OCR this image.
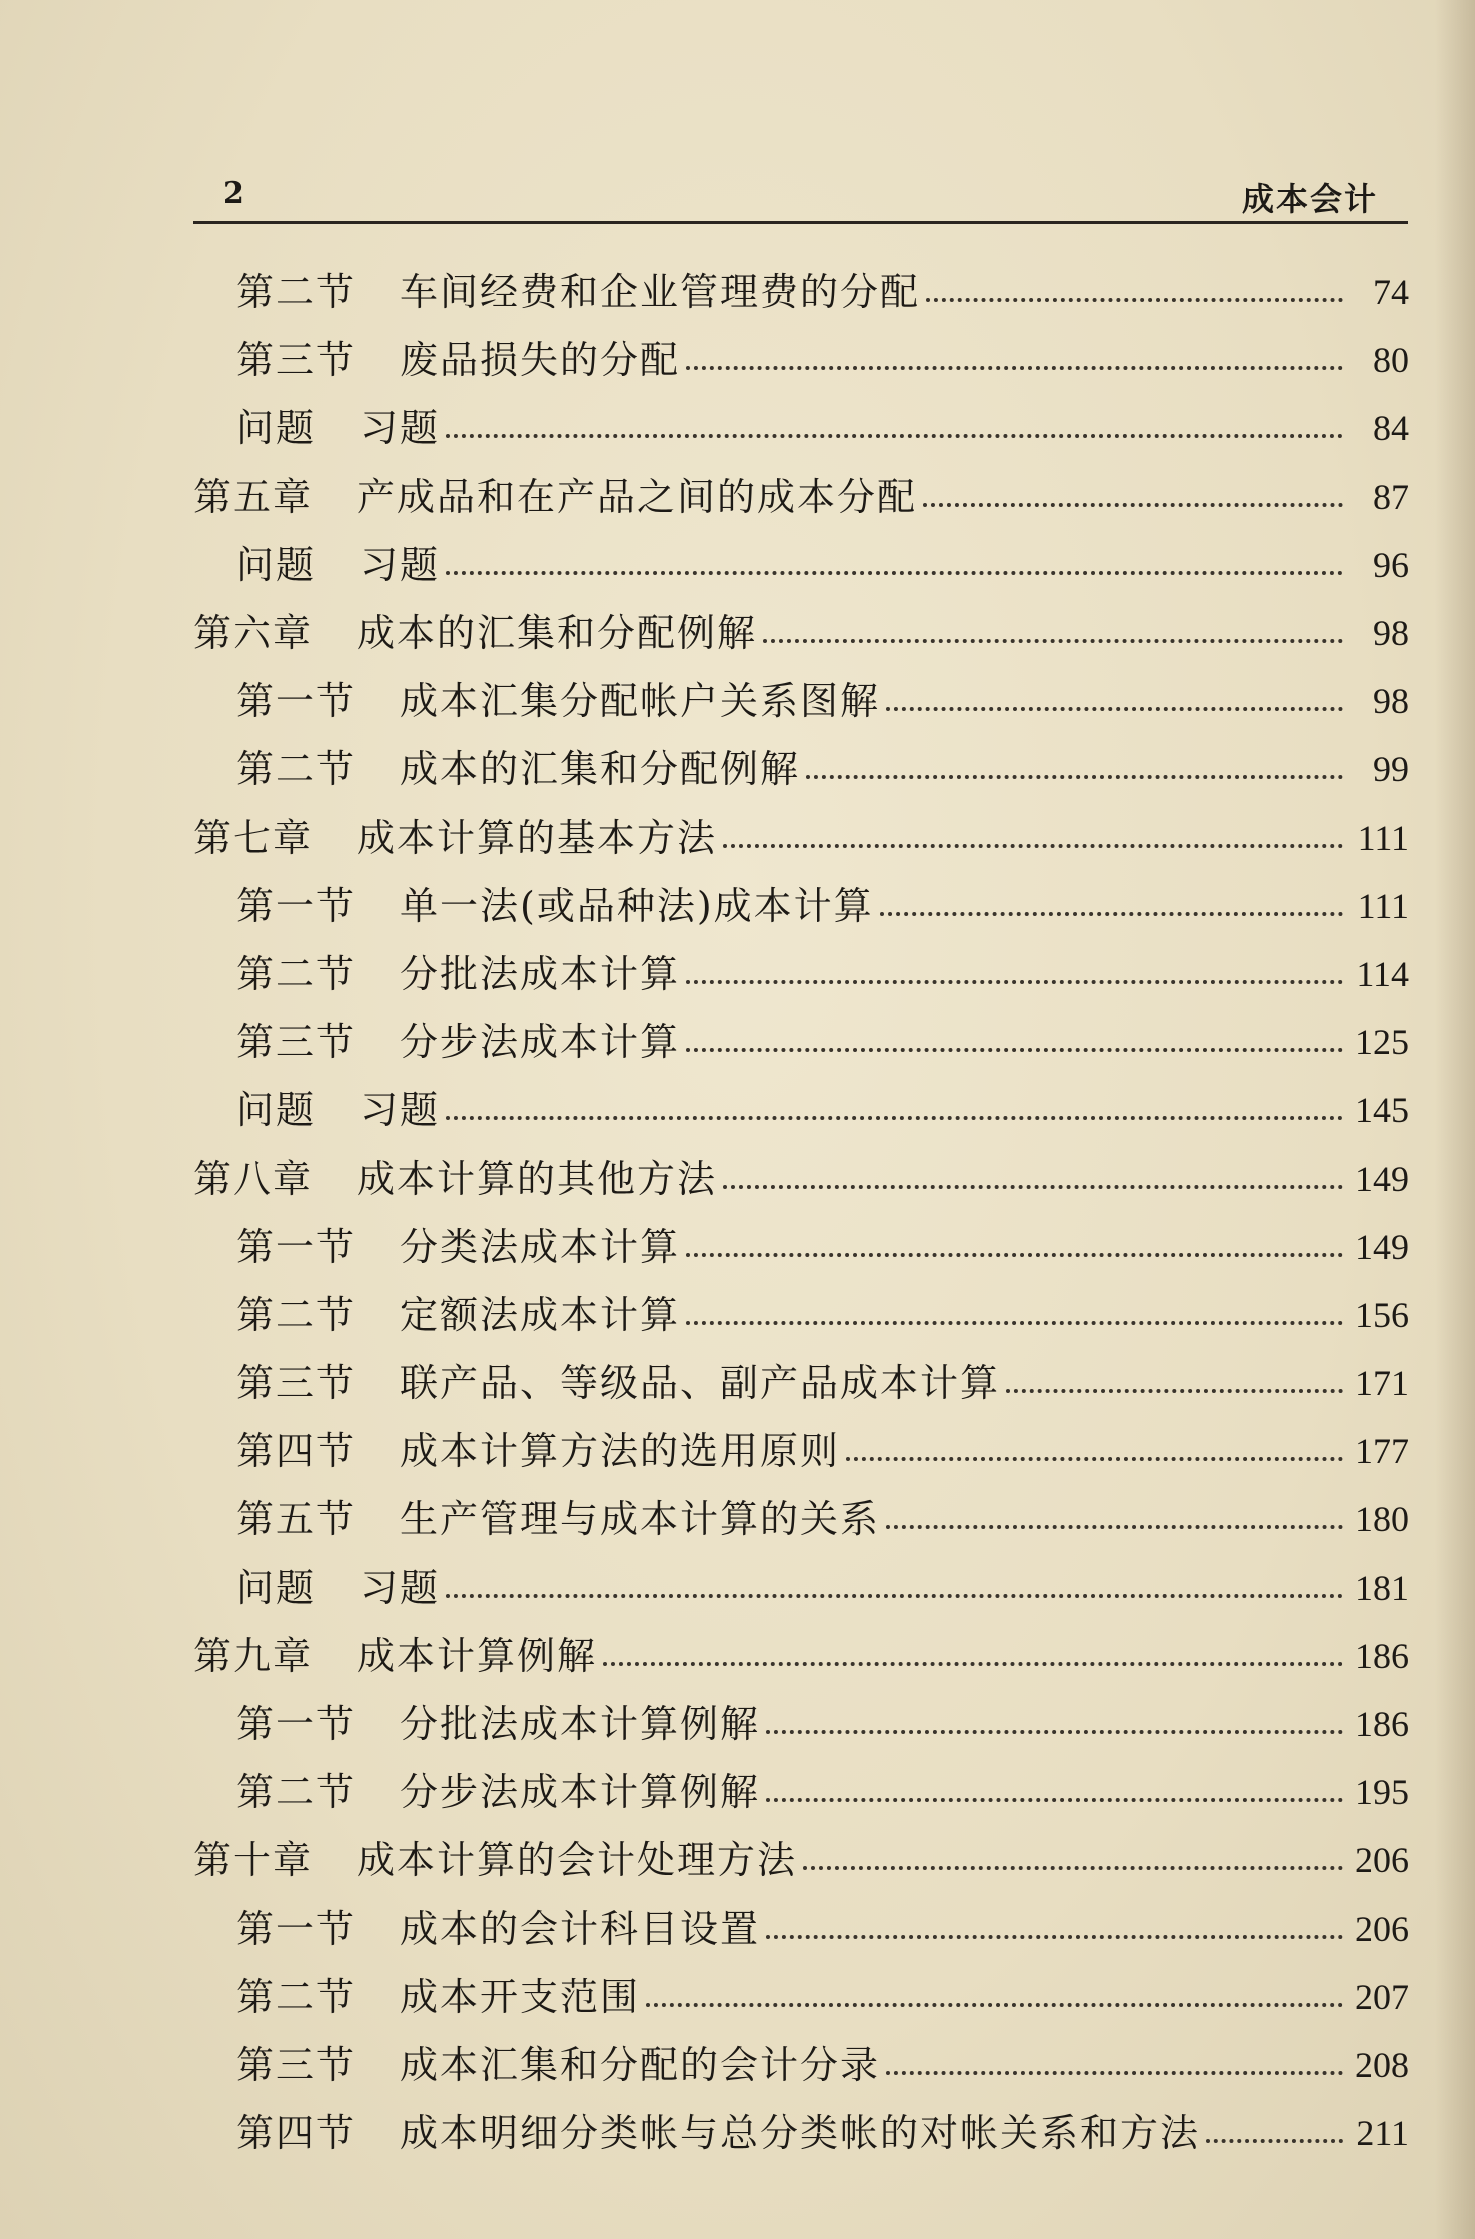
2	成本会计
第二节 车间经费和企业管理费的分配	74
第三节 废品损失的分配	80
问题 习题	84
第五章 产成品和在产品之间的成本分配	87
问题 习题	96
第六章 成本的汇集和分配例解	98
第一节 成本汇集分配帐户关系图解	98
第二节 成本的汇集和分配例解	99
第七章 成本计算的基本方法	111
第一节 单一法(或品种法)成本计算	111
第二节 分批法成本计算	114
第三节 分步法成本计算	125
问题 习题	145
第八章 成本计算的其他方法	149
第一节 分类法成本计算	149
第二节 定额法成本计算	156
第三节 联产品、等级品、副产品成本计算	171
第四节 成本计算方法的选用原则	177
第五节 生产管理与成本计算的关系	180
问题 习题	181
第九章 成本计算例解	186
第一节 分批法成本计算例解	186
第二节 分步法成本计算例解	195
第十章 成本计算的会计处理方法	206
第一节 成本的会计科目设置	206
第二节 成本开支范围	207
第三节 成本汇集和分配的会计分录	208
第四节 成本明细分类帐与总分类帐的对帐关系和方法	211
